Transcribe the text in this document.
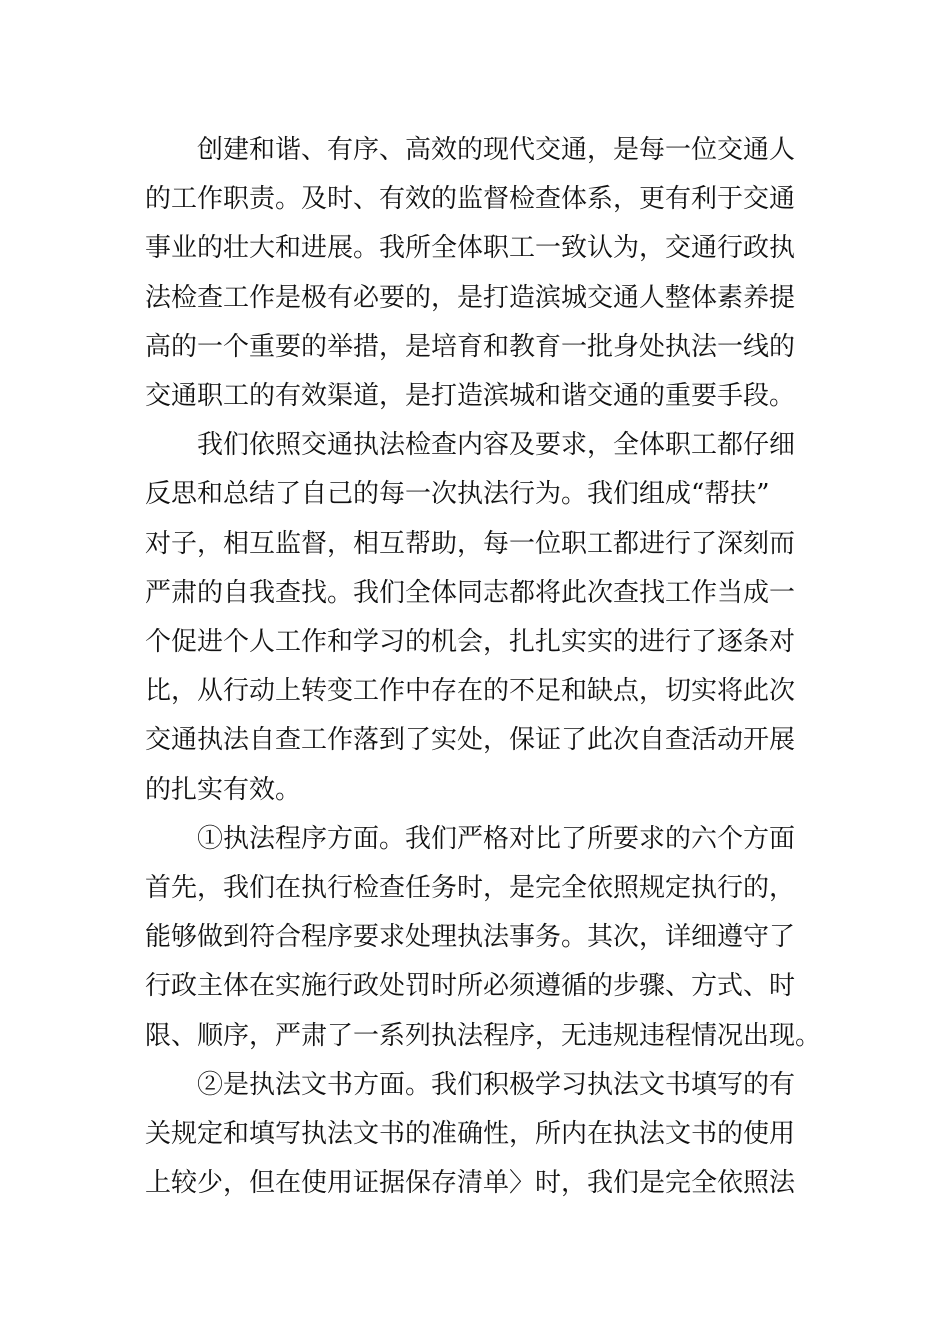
创建和谐、有序、高效的现代交通，是每一位交通人
的工作职责。及时、有效的监督检查体系，更有利于交通
事业的壮大和进展。我所全体职工一致认为，交通行政执
法检查工作是极有必要的，是打造滨城交通人整体素养提
高的一个重要的举措，是培育和教育一批身处执法一线的
交通职工的有效渠道，是打造滨城和谐交通的重要手段。

我们依照交通执法检查内容及要求，全体职工都仔细
反思和总结了自己的每一次执法行为。我们组成“帮扶”
对子，相互监督，相互帮助，每一位职工都进行了深刻而
严肃的自我查找。我们全体同志都将此次查找工作当成一
个促进个人工作和学习的机会，扎扎实实的进行了逐条对
比，从行动上转变工作中存在的不足和缺点，切实将此次
交通执法自查工作落到了实处，保证了此次自查活动开展
的扎实有效。

①执法程序方面。我们严格对比了所要求的六个方面
首先，我们在执行检查任务时，是完全依照规定执行的，
能够做到符合程序要求处理执法事务。其次，详细遵守了
行政主体在实施行政处罚时所必须遵循的步骤、方式、时
限、顺序，严肃了一系列执法程序，无违规违程情况出现。

②是执法文书方面。我们积极学习执法文书填写的有
关规定和填写执法文书的准确性，所内在执法文书的使用
上较少，但在使用证据保存清单〉时，我们是完全依照法
